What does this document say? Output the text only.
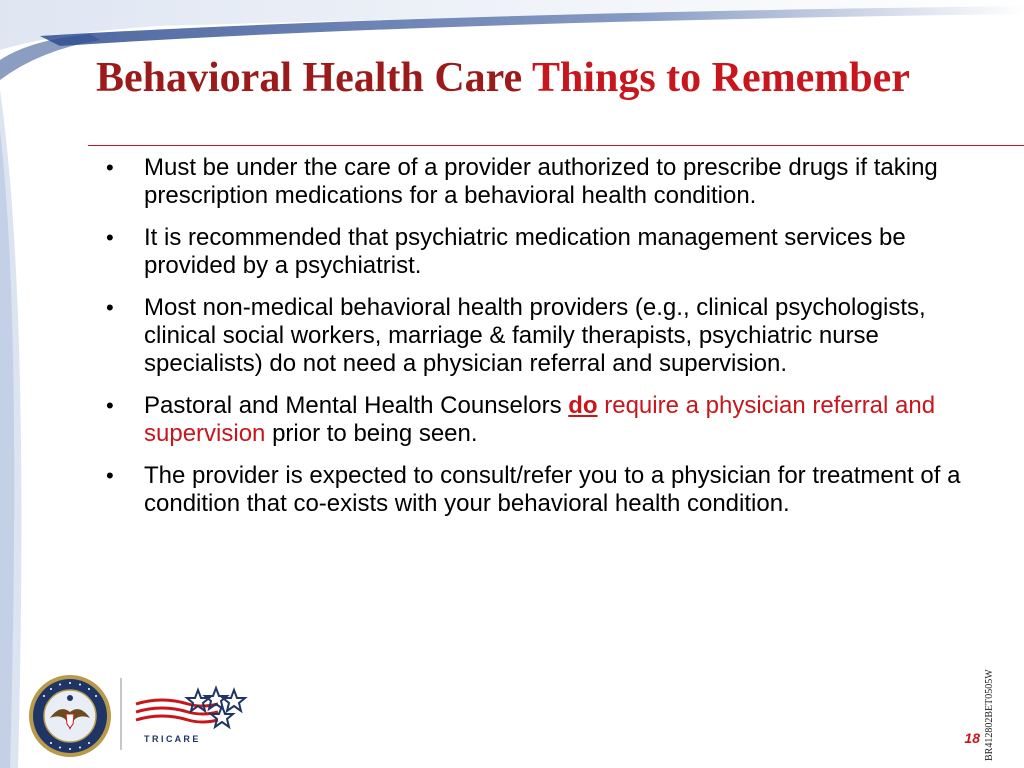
Behavioral Health Care Things to Remember
• Must be under the care of a provider authorized to prescribe drugs if taking prescription medications for a behavioral health condition.
• It is recommended that psychiatric medication management services be provided by a psychiatrist.
• Most non-medical behavioral health providers (e.g., clinical psychologists, clinical social workers, marriage & family therapists, psychiatric nurse specialists) do not need a physician referral and supervision.
• Pastoral and Mental Health Counselors do require a physician referral and supervision prior to being seen.
• The provider is expected to consult/refer you to a physician for treatment of a condition that co-exists with your behavioral health condition.
T R I C A R E	BR412802BET0505W
18
